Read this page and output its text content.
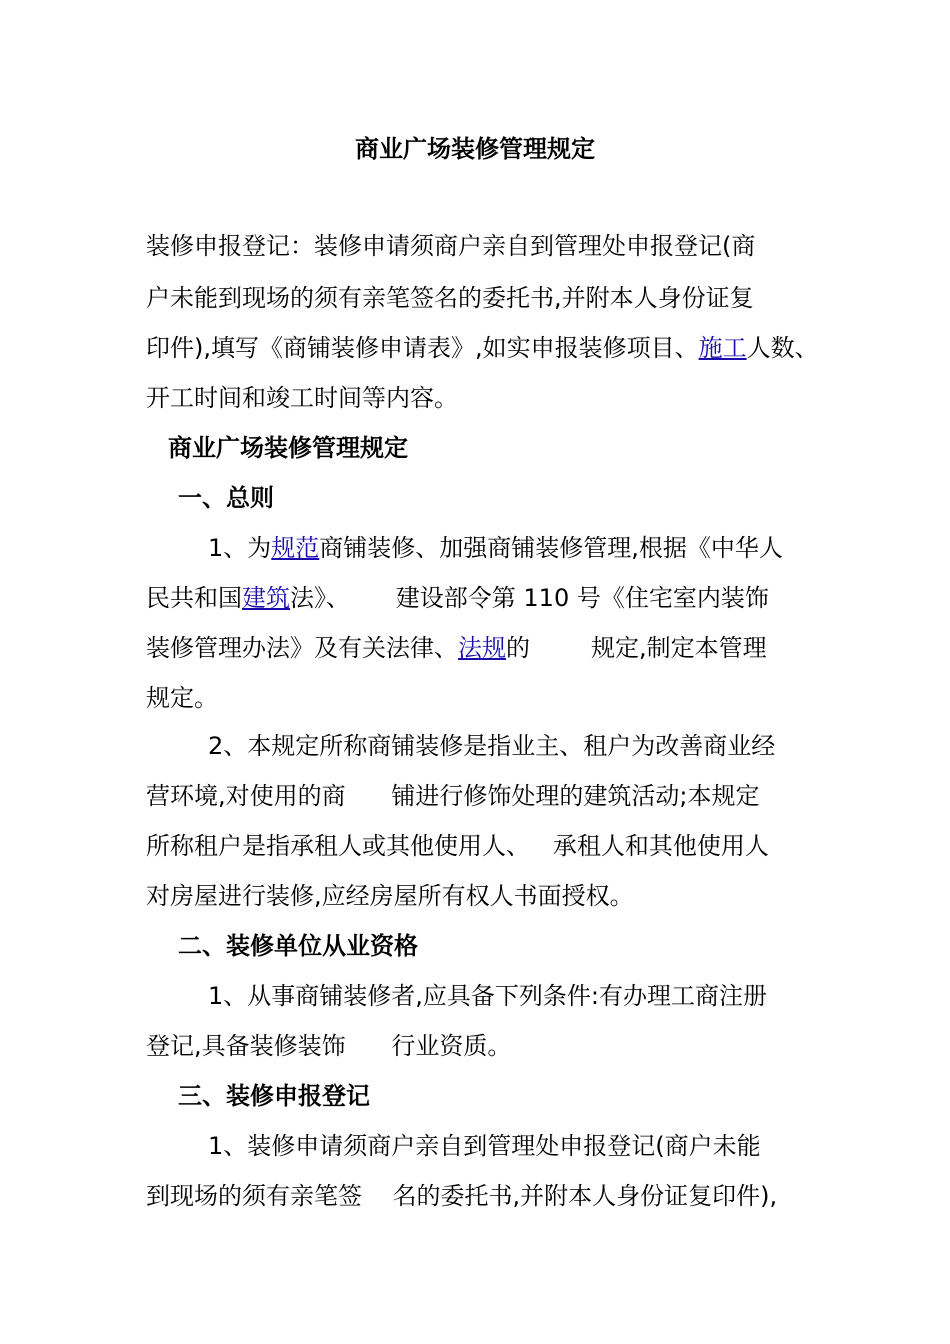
商业广场装修管理规定
装修申报登记：装修申请须商户亲自到管理处申报登记(商
户未能到现场的须有亲笔签名的委托书,并附本人身份证复
印件),填写《商铺装修申请表》,如实申报装修项目、施工人数、
开工时间和竣工时间等内容。
商业广场装修管理规定
一、总则
1、为规范商铺装修、加强商铺装修管理,根据《中华人
民共和国建筑法》、      建设部令第 110 号《住宅室内装饰
装修管理办法》及有关法律、法规的        规定,制定本管理
规定。
2、本规定所称商铺装修是指业主、租户为改善商业经
营环境,对使用的商      铺进行修饰处理的建筑活动;本规定
所称租户是指承租人或其他使用人、   承租人和其他使用人
对房屋进行装修,应经房屋所有权人书面授权。
二、装修单位从业资格
1、从事商铺装修者,应具备下列条件:有办理工商注册
登记,具备装修装饰      行业资质。
三、装修申报登记
1、装修申请须商户亲自到管理处申报登记(商户未能
到现场的须有亲笔签    名的委托书,并附本人身份证复印件),
